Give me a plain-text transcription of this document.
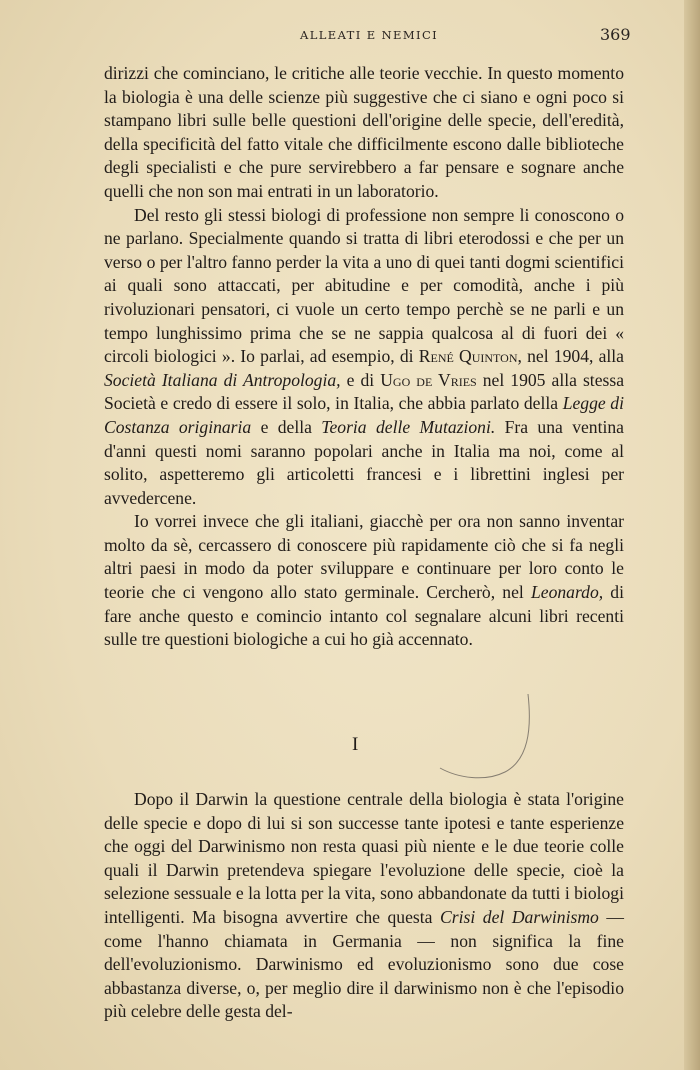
ALLEATI E NEMICI	369

dirizzi che cominciano, le critiche alle teorie vecchie. In questo momento la biologia è una delle scienze più suggestive che ci siano e ogni poco si stampano libri sulle belle questioni dell'origine delle specie, dell'eredità, della specificità del fatto vitale che difficilmente escono dalle biblioteche degli specialisti e che pure servirebbero a far pensare e sognare anche quelli che non son mai entrati in un laboratorio.

Del resto gli stessi biologi di professione non sempre li conoscono o ne parlano. Specialmente quando si tratta di libri eterodossi e che per un verso o per l'altro fanno perder la vita a uno di quei tanti dogmi scientifici ai quali sono attaccati, per abitudine e per comodità, anche i più rivoluzionari pensatori, ci vuole un certo tempo perchè se ne parli e un tempo lunghissimo prima che se ne sappia qualcosa al di fuori dei « circoli biologici ». Io parlai, ad esempio, di René Quinton, nel 1904, alla Società Italiana di Antropologia, e di Ugo de Vries nel 1905 alla stessa Società e credo di essere il solo, in Italia, che abbia parlato della Legge di Costanza originaria e della Teoria delle Mutazioni. Fra una ventina d'anni questi nomi saranno popolari anche in Italia ma noi, come al solito, aspetteremo gli articoletti francesi e i librettini inglesi per avvedercene.

Io vorrei invece che gli italiani, giacchè per ora non sanno inventar molto da sè, cercassero di conoscere più rapidamente ciò che si fa negli altri paesi in modo da poter sviluppare e continuare per loro conto le teorie che ci vengono allo stato germinale. Cercherò, nel Leonardo, di fare anche questo e comincio intanto col segnalare alcuni libri recenti sulle tre questioni biologiche a cui ho già accennato.

I

Dopo il Darwin la questione centrale della biologia è stata l'origine delle specie e dopo di lui si son successe tante ipotesi e tante esperienze che oggi del Darwinismo non resta quasi più niente e le due teorie colle quali il Darwin pretendeva spiegare l'evoluzione delle specie, cioè la selezione sessuale e la lotta per la vita, sono abbandonate da tutti i biologi intelligenti. Ma bisogna avvertire che questa Crisi del Darwinismo — come l'hanno chiamata in Germania — non significa la fine dell'evoluzionismo. Darwinismo ed evoluzionismo sono due cose abbastanza diverse, o, per meglio dire il darwinismo non è che l'episodio più celebre delle gesta del-
